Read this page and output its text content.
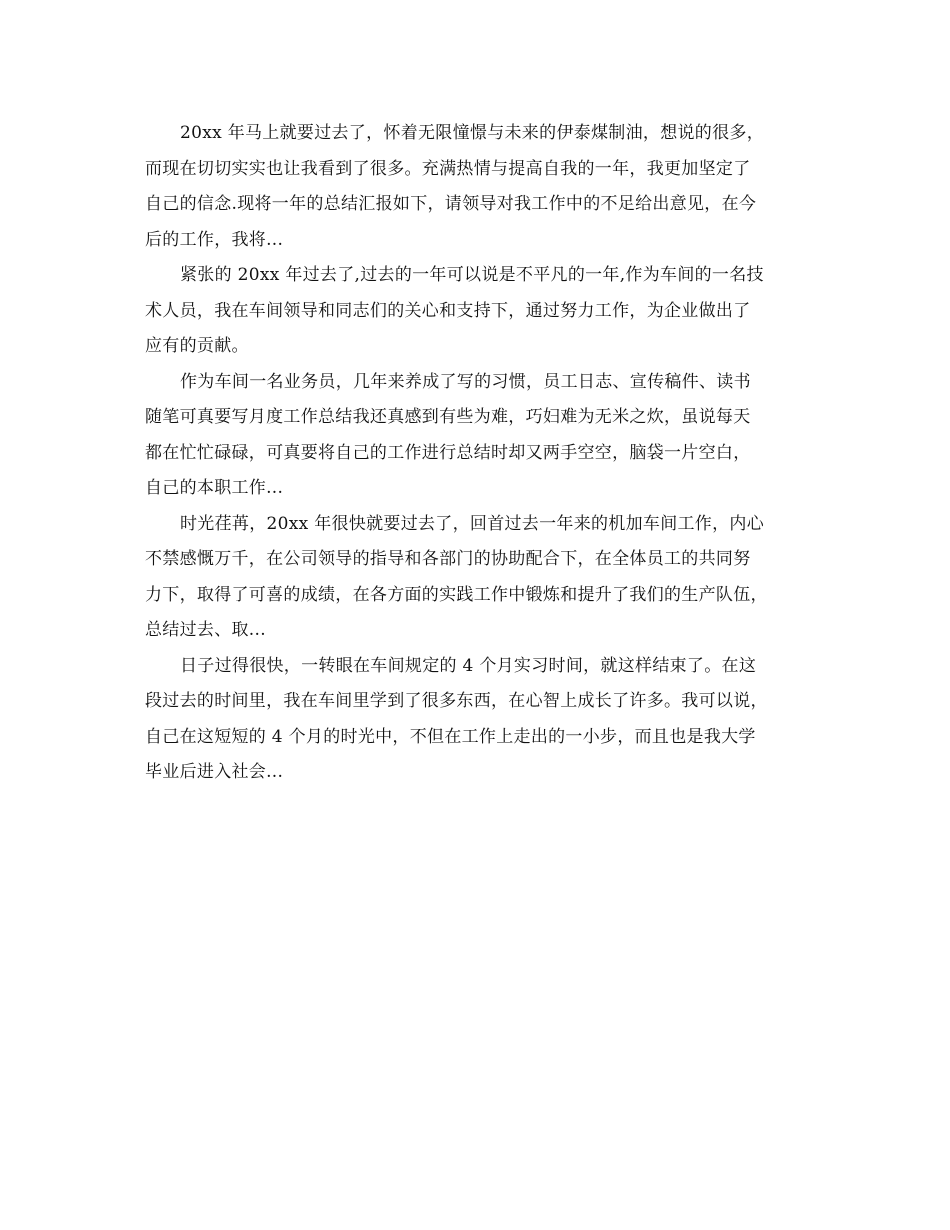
20xx 年马上就要过去了，怀着无限憧憬与未来的伊泰煤制油，想说的很多，
而现在切切实实也让我看到了很多。充满热情与提高自我的一年，我更加坚定了
自己的信念.现将一年的总结汇报如下，请领导对我工作中的不足给出意见，在今
后的工作，我将...
紧张的 20xx 年过去了,过去的一年可以说是不平凡的一年,作为车间的一名技
术人员，我在车间领导和同志们的关心和支持下，通过努力工作，为企业做出了
应有的贡献。
作为车间一名业务员，几年来养成了写的习惯，员工日志、宣传稿件、读书
随笔可真要写月度工作总结我还真感到有些为难，巧妇难为无米之炊，虽说每天
都在忙忙碌碌，可真要将自己的工作进行总结时却又两手空空，脑袋一片空白，
自己的本职工作...
时光荏苒，20xx 年很快就要过去了，回首过去一年来的机加车间工作，内心
不禁感慨万千，在公司领导的指导和各部门的协助配合下，在全体员工的共同努
力下，取得了可喜的成绩，在各方面的实践工作中锻炼和提升了我们的生产队伍，
总结过去、取...
日子过得很快，一转眼在车间规定的 4 个月实习时间，就这样结束了。在这
段过去的时间里，我在车间里学到了很多东西，在心智上成长了许多。我可以说，
自己在这短短的 4 个月的时光中，不但在工作上走出的一小步，而且也是我大学
毕业后进入社会...
